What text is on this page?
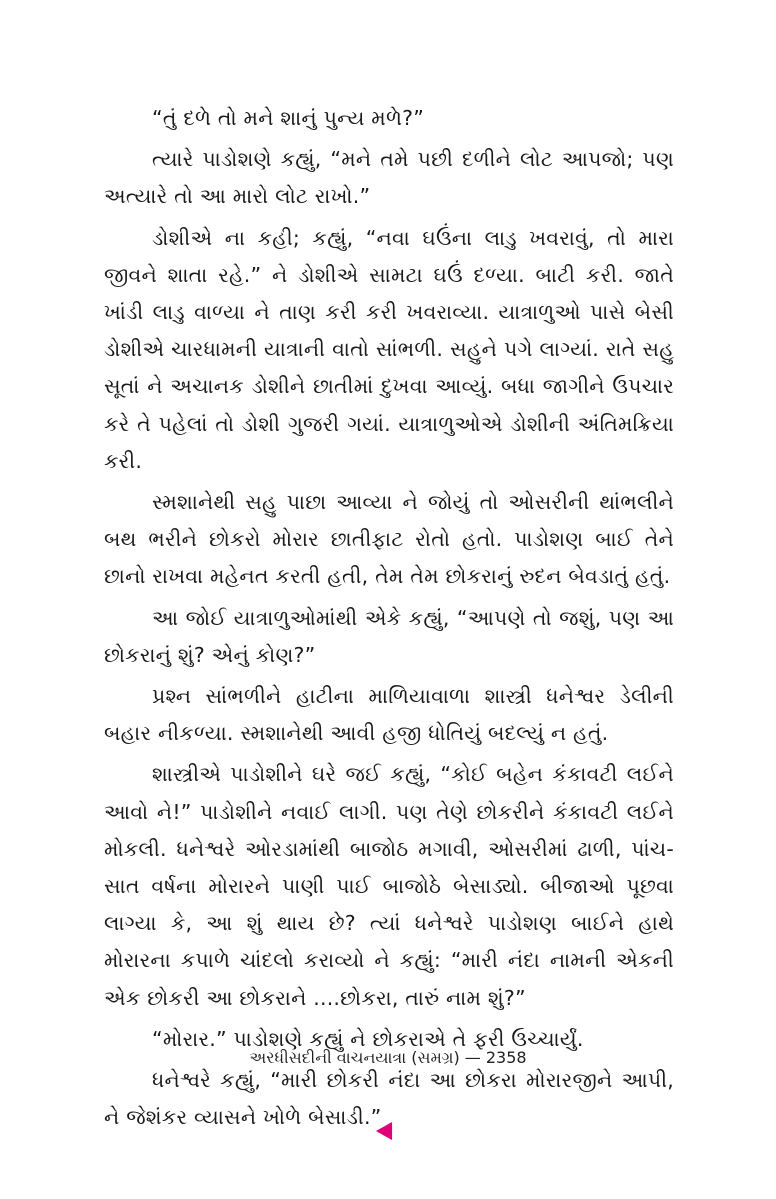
“તું દળે તો મને શાનું પુન્ય મળે?”

ત્યારે પાડોશણે કહ્યું, “મને તમે પછી દળીને લોટ આપજો; પણ અત્યારે તો આ મારો લોટ રાખો.”

ડોશીએ ના કહી; કહ્યું, “નવા ઘઉંના લાડુ ખવરાવું, તો મારા જીવને શાતા રહે.” ને ડોશીએ સામટા ઘઉં દળ્યા. બાટી કરી. જાતે ખાંડી લાડુ વાળ્યા ને તાણ કરી કરી ખવરાવ્યા. યાત્રાળુઓ પાસે બેસી ડોશીએ ચારધામની યાત્રાની વાતો સાંભળી. સહુને પગે લાગ્યાં. રાતે સહુ સૂતાં ને અચાનક ડોશીને છાતીમાં દુખવા આવ્યું. બધા જાગીને ઉપચાર કરે તે પહેલાં તો ડોશી ગુજરી ગયાં. યાત્રાળુઓએ ડોશીની અંતિમક્રિયા કરી.

સ્મશાનેથી સહુ પાછા આવ્યા ને જોયું તો ઓસરીની થાંભલીને બથ ભરીને છોકરો મોરાર છાતીફાટ રોતો હતો. પાડોશણ બાઈ તેને છાનો રાખવા મહેનત કરતી હતી, તેમ તેમ છોકરાનું રુદન બેવડાતું હતું.

આ જોઈ યાત્રાળુઓમાંથી એકે કહ્યું, “આપણે તો જશું, પણ આ છોકરાનું શું? એનું કોણ?”

પ્રશ્ન સાંભળીને હાટીના માળિયાવાળા શાસ્ત્રી ધનેશ્વર ડેલીની બહાર નીકળ્યા. સ્મશાનેથી આવી હજી ધોતિયું બદલ્યું ન હતું.

શાસ્ત્રીએ પાડોશીને ઘરે જઈ કહ્યું, “કોઈ બહેન કંકાવટી લઈને આવો ને!” પાડોશીને નવાઈ લાગી. પણ તેણે છોકરીને કંકાવટી લઈને મોકલી. ધનેશ્વરે ઓરડામાંથી બાજોઠ મગાવી, ઓસરીમાં ઢાળી, પાંચ-સાત વર્ષના મોરારને પાણી પાઈ બાજોઠે બેસાડ્યો. બીજાઓ પૂછવા લાગ્યા કે, આ શું થાય છે? ત્યાં ધનેશ્વરે પાડોશણ બાઈને હાથે મોરારના કપાળે ચાંદલો કરાવ્યો ને કહ્યું: “મારી નંદા નામની એકની એક છોકરી આ છોકરાને ....છોકરા, તારું નામ શું?”

“મોરાર.” પાડોશણે કહ્યું ને છોકરાએ તે ફરી ઉચ્ચાર્યું.

ધનેશ્વરે કહ્યું, “મારી છોકરી નંદા આ છોકરા મોરારજીને આપી, ને જેશંકર વ્યાસને ખોળે બેસાડી.”

અરધીસદીની વાચનયાત્રા (સમગ્ર) — 2358
